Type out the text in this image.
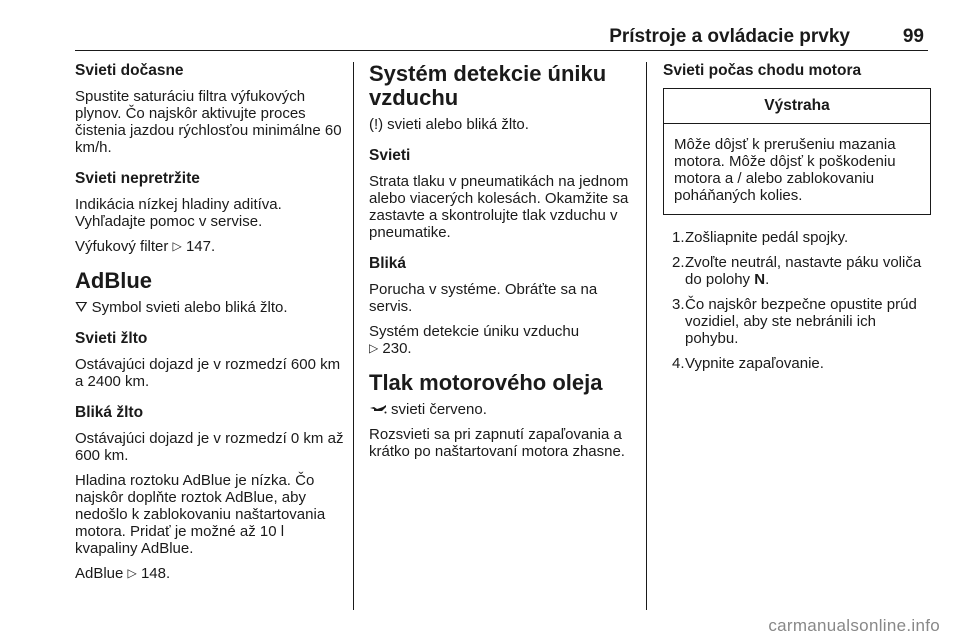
Prístroje a ovládacie prvky	99
Svieti dočasne

Spustite saturáciu filtra výfukových plynov. Čo najskôr aktivujte proces čistenia jazdou rýchlosťou minimálne 60 km/h.

Svieti nepretržite

Indikácia nízkej hladiny aditíva. Vyhľadajte pomoc v servise.

Výfukový filter ▷ 147.

AdBlue

⛛ Symbol svieti alebo bliká žlto.

Svieti žlto

Ostávajúci dojazd je v rozmedzí 600 km a 2400 km.

Bliká žlto

Ostávajúci dojazd je v rozmedzí 0 km až 600 km.

Hladina roztoku AdBlue je nízka. Čo najskôr doplňte roztok AdBlue, aby nedošlo k zablokovaniu naštartovania motora. Pridať je možné až 10 l kvapaliny AdBlue.

AdBlue ▷ 148.

Systém detekcie úniku vzduchu

(!) svieti alebo bliká žlto.

Svieti

Strata tlaku v pneumatikách na jednom alebo viacerých kolesách. Okamžite sa zastavte a skontrolujte tlak vzduchu v pneumatike.

Bliká

Porucha v systéme. Obráťte sa na servis.

Systém detekcie úniku vzduchu
▷ 230.

Tlak motorového oleja

svieti červeno.

Rozsvieti sa pri zapnutí zapaľovania a krátko po naštartovaní motora zhasne.

Svieti počas chodu motora
Výstraha
Môže dôjsť k prerušeniu mazania motora. Môže dôjsť k poškodeniu motora a / alebo zablokovaniu poháňaných kolies.
1. Zošliapnite pedál spojky.
2. Zvoľte neutrál, nastavte páku voliča do polohy N.
3. Čo najskôr bezpečne opustite prúd vozidiel, aby ste nebránili ich pohybu.
4. Vypnite zapaľovanie.
carmanualsonline.info
